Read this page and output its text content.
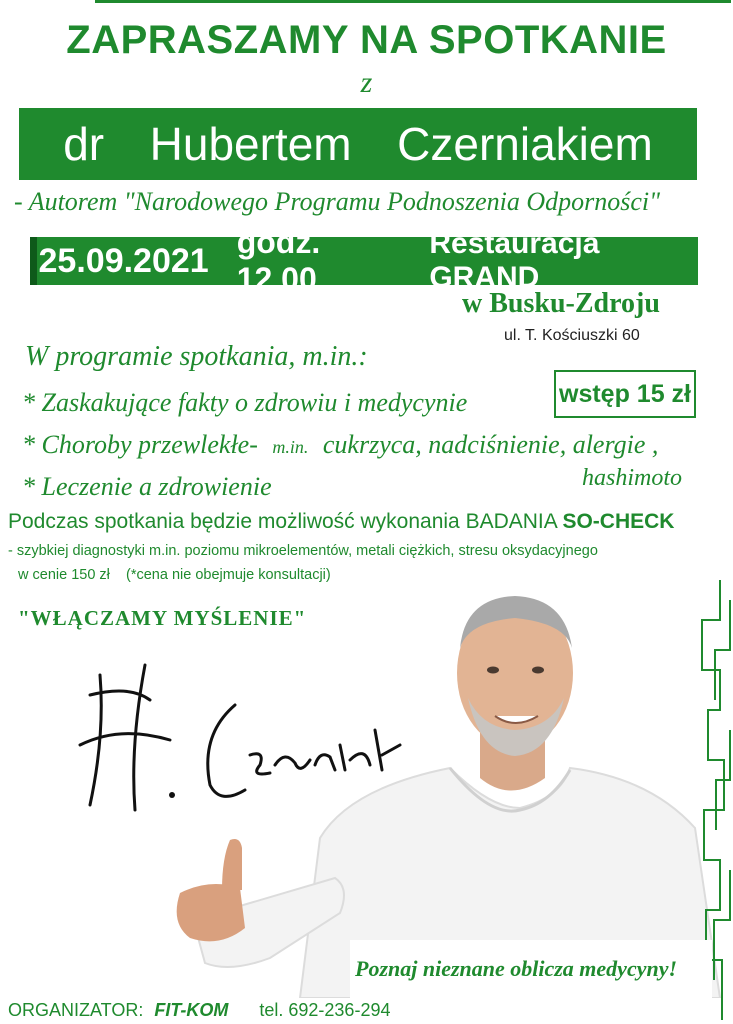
ZAPRASZAMY NA SPOTKANIE
z
dr  Hubertem  Czerniakiem
- Autorem "Narodowego Programu Podnoszenia Odporności"
25.09.2021 godz. 12.00
Restauracja GRAND
w Busku-Zdroju
ul. T. Kościuszki 60
W programie spotkania, m.in.:
wstęp 15 zł
* Zaskakujące fakty o zdrowiu i medycynie
* Choroby przewlekłe- m.in. cukrzyca, nadciśnienie, alergie ,
hashimoto
* Leczenie a zdrowienie
Podczas spotkania będzie możliwość wykonania BADANIA SO-CHECK
- szybkiej diagnostyki m.in. poziomu mikroelementów, metali ciężkich, stresu oksydacyjnego
w cenie 150 zł    (*cena nie obejmuje konsultacji)
"WŁĄCZAMY MYŚLENIE"
Poznaj nieznane oblicza medycyny!
ORGANIZATOR: FIT-KOM tel. 692-236-294
